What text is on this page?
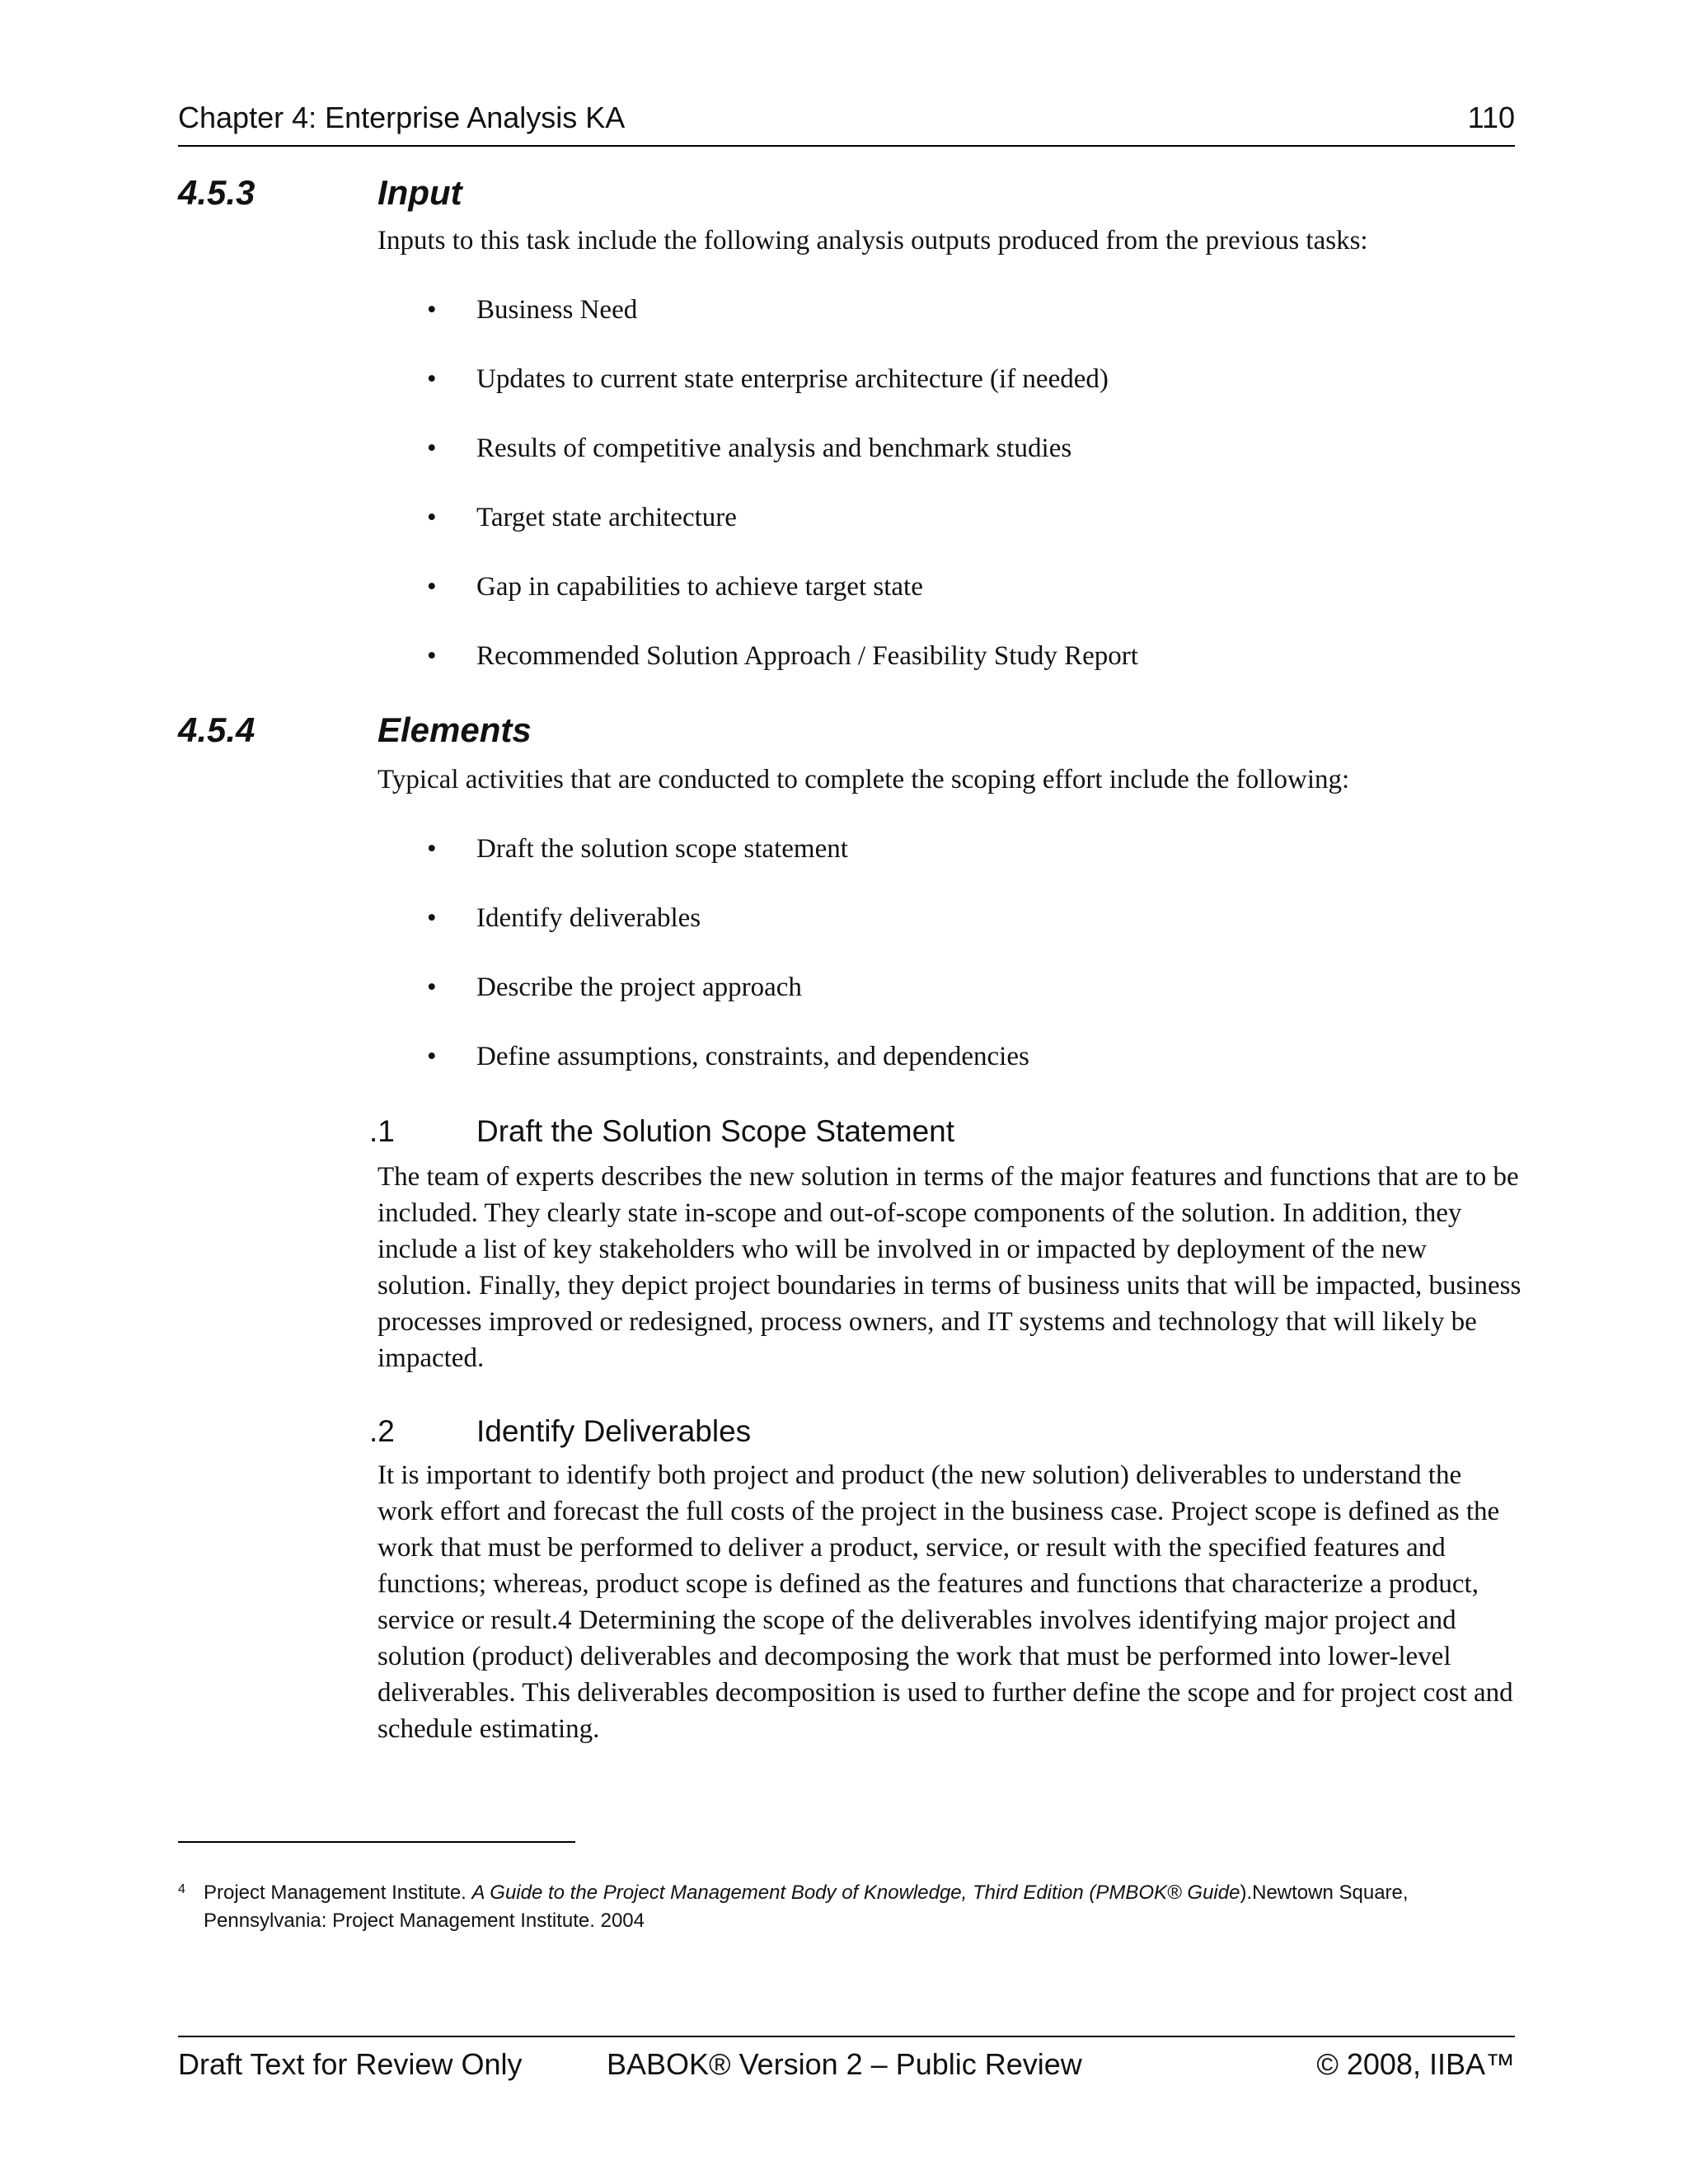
Chapter 4: Enterprise Analysis KA	110
4.5.3	Input
Inputs to this task include the following analysis outputs produced from the previous tasks:
• Business Need
• Updates to current state enterprise architecture (if needed)
• Results of competitive analysis and benchmark studies
• Target state architecture
• Gap in capabilities to achieve target state
• Recommended Solution Approach / Feasibility Study Report
4.5.4	Elements
Typical activities that are conducted to complete the scoping effort include the following:
• Draft the solution scope statement
• Identify deliverables
• Describe the project approach
• Define assumptions, constraints, and dependencies
.1	Draft the Solution Scope Statement
The team of experts describes the new solution in terms of the major features and functions that are to be included. They clearly state in-scope and out-of-scope components of the solution. In addition, they include a list of key stakeholders who will be involved in or impacted by deployment of the new solution. Finally, they depict project boundaries in terms of business units that will be impacted, business processes improved or redesigned, process owners, and IT systems and technology that will likely be impacted.
.2	Identify Deliverables
It is important to identify both project and product (the new solution) deliverables to understand the work effort and forecast the full costs of the project in the business case. Project scope is defined as the work that must be performed to deliver a product, service, or result with the specified features and functions; whereas, product scope is defined as the features and functions that characterize a product, service or result.4 Determining the scope of the deliverables involves identifying major project and solution (product) deliverables and decomposing the work that must be performed into lower-level deliverables. This deliverables decomposition is used to further define the scope and for project cost and schedule estimating.
4 Project Management Institute. A Guide to the Project Management Body of Knowledge, Third Edition (PMBOK® Guide).Newtown Square, Pennsylvania: Project Management Institute. 2004
Draft Text for Review Only	BABOK® Version 2 – Public Review	© 2008, IIBA™
